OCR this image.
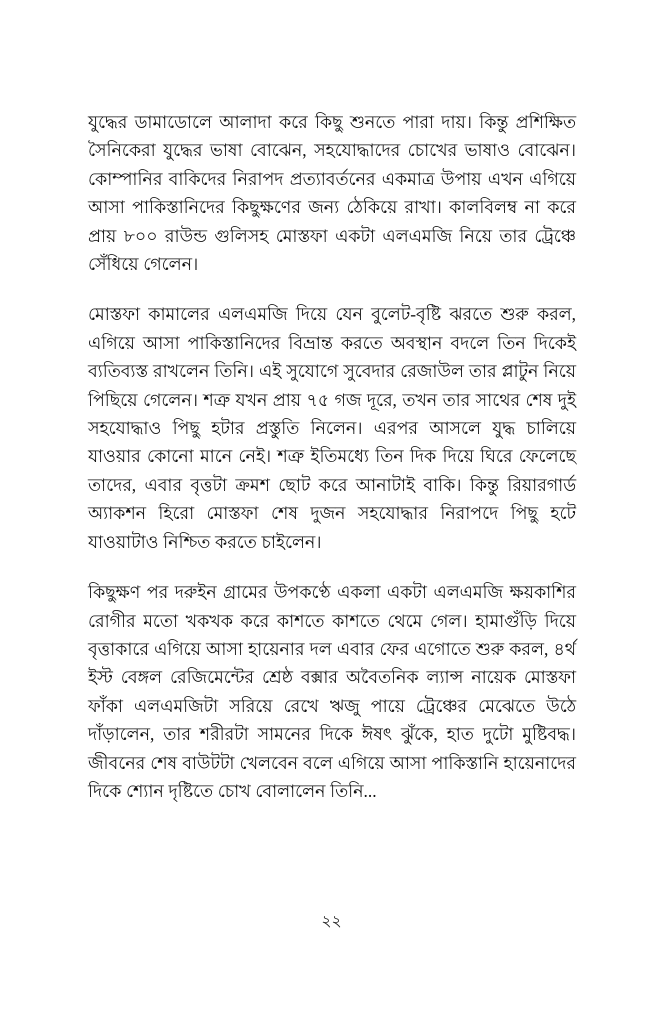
যুদ্ধের ডামাডোলে আলাদা করে কিছু শুনতে পারা দায়। কিন্তু প্রশিক্ষিত সৈনিকেরা যুদ্ধের ভাষা বোঝেন, সহযোদ্ধাদের চোখের ভাষাও বোঝেন। কোম্পানির বাকিদের নিরাপদ প্রত্যাবর্তনের একমাত্র উপায় এখন এগিয়ে আসা পাকিস্তানিদের কিছুক্ষণের জন্য ঠেকিয়ে রাখা। কালবিলম্ব না করে প্রায় ৮০০ রাউন্ড গুলিসহ মোস্তফা একটা এলএমজি নিয়ে তার ট্রেঞ্চে সেঁধিয়ে গেলেন।

মোস্তফা কামালের এলএমজি দিয়ে যেন বুলেট-বৃষ্টি ঝরতে শুরু করল, এগিয়ে আসা পাকিস্তানিদের বিভ্রান্ত করতে অবস্থান বদলে তিন দিকেই ব্যতিব্যস্ত রাখলেন তিনি। এই সুযোগে সুবেদার রেজাউল তার প্লাটুন নিয়ে পিছিয়ে গেলেন। শত্রু যখন প্রায় ৭৫ গজ দূরে, তখন তার সাথের শেষ দুই সহযোদ্ধাও পিছু হটার প্রস্তুতি নিলেন। এরপর আসলে যুদ্ধ চালিয়ে যাওয়ার কোনো মানে নেই। শত্রু ইতিমধ্যে তিন দিক দিয়ে ঘিরে ফেলেছে তাদের, এবার বৃত্তটা ক্রমশ ছোট করে আনাটাই বাকি। কিন্তু রিয়ারগার্ড অ্যাকশন হিরো মোস্তফা শেষ দুজন সহযোদ্ধার নিরাপদে পিছু হটে যাওয়াটাও নিশ্চিত করতে চাইলেন।

কিছুক্ষণ পর দরুইন গ্রামের উপকণ্ঠে একলা একটা এলএমজি ক্ষয়কাশির রোগীর মতো খকখক করে কাশতে কাশতে থেমে গেল। হামাগুঁড়ি দিয়ে বৃত্তাকারে এগিয়ে আসা হায়েনার দল এবার ফের এগোতে শুরু করল, ৪র্থ ইস্ট বেঙ্গল রেজিমেন্টের শ্রেষ্ঠ বক্সার অবৈতনিক ল্যান্স নায়েক মোস্তফা ফাঁকা এলএমজিটা সরিয়ে রেখে ঋজু পায়ে ট্রেঞ্চের মেঝেতে উঠে দাঁড়ালেন, তার শরীরটা সামনের দিকে ঈষৎ ঝুঁকে, হাত দুটো মুষ্টিবদ্ধ। জীবনের শেষ বাউটটা খেলবেন বলে এগিয়ে আসা পাকিস্তানি হায়েনাদের দিকে শ্যোন দৃষ্টিতে চোখ বোলালেন তিনি...

২২
